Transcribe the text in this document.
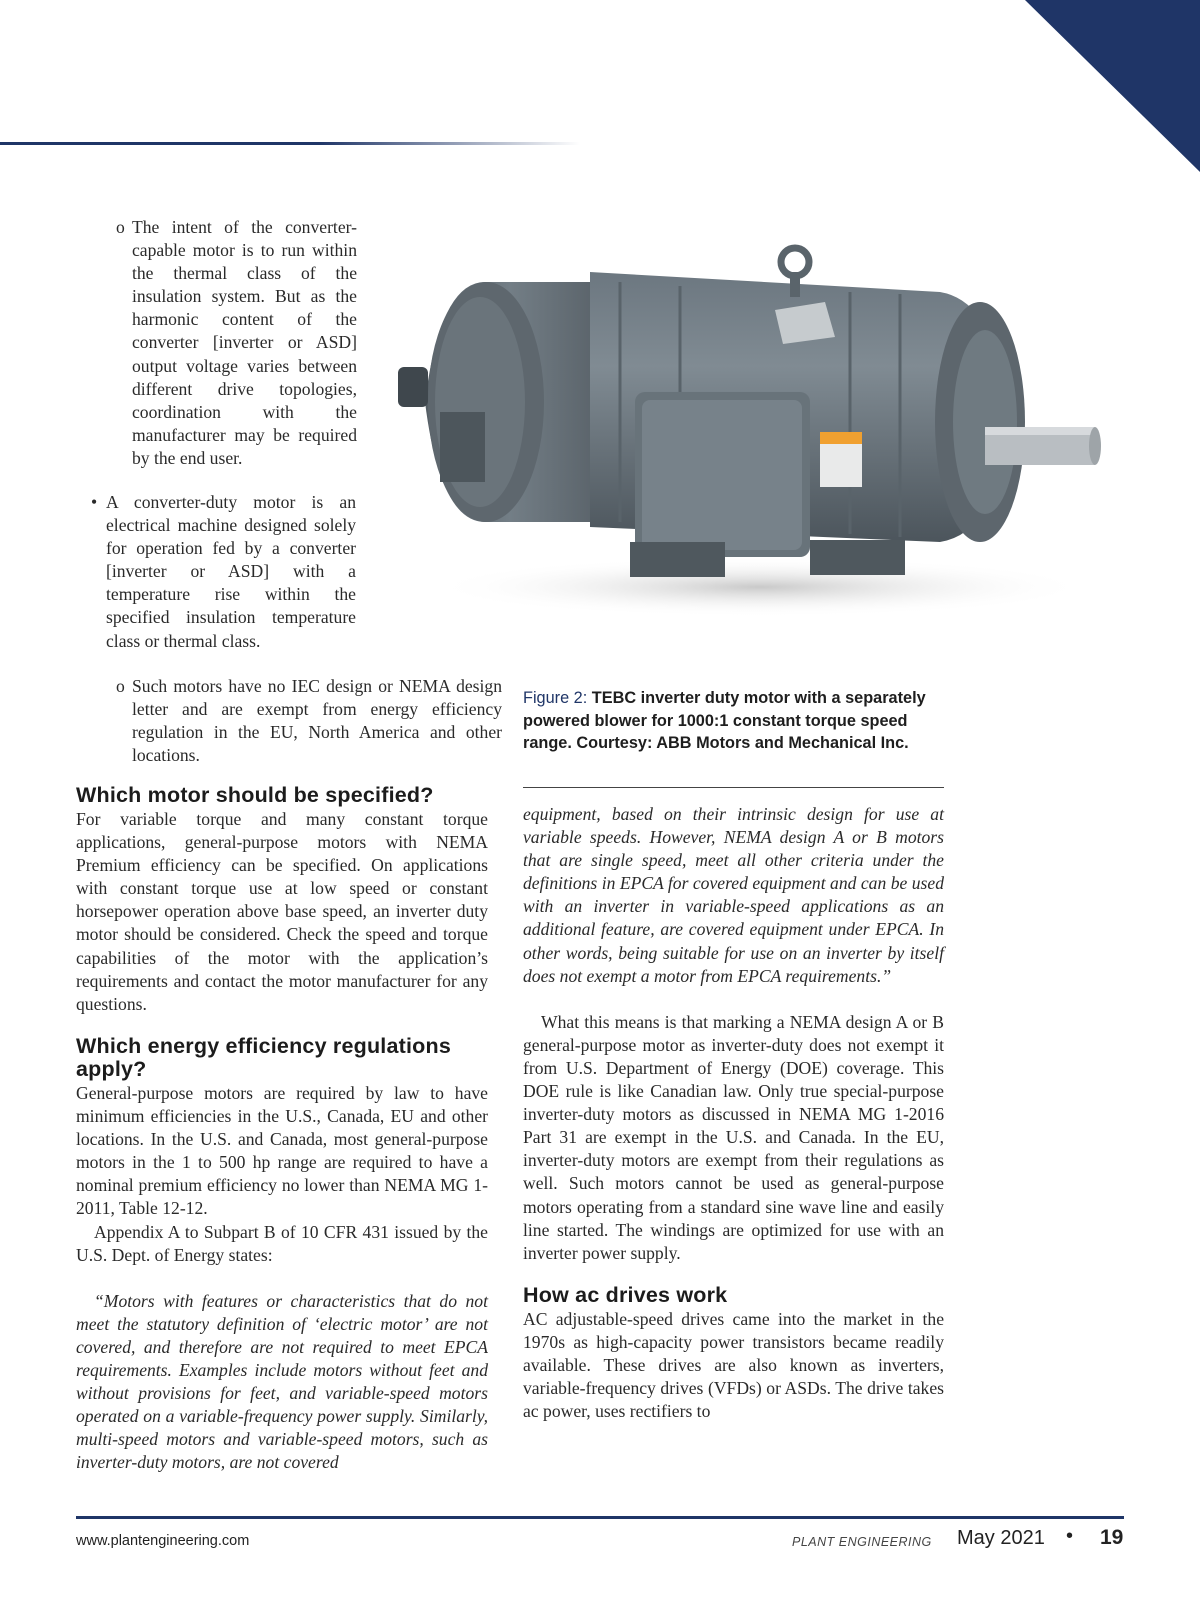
o The intent of the converter-capable motor is to run within the thermal class of the insulation system. But as the harmonic content of the converter [inverter or ASD] output voltage varies between different drive topologies, coordination with the manufacturer may be required by the end user.

• A converter-duty motor is an electrical machine designed solely for operation fed by a converter [inverter or ASD] with a temperature rise within the specified insulation temperature class or thermal class.

o Such motors have no IEC design or NEMA design letter and are exempt from energy efficiency regulation in the EU, North America and other locations.

Which motor should be specified?

For variable torque and many constant torque applications, general-purpose motors with NEMA Premium efficiency can be specified. On applications with constant torque use at low speed or constant horsepower operation above base speed, an inverter duty motor should be considered. Check the speed and torque capabilities of the motor with the application’s requirements and contact the motor manufacturer for any questions.

Which energy efficiency regulations apply?

General-purpose motors are required by law to have minimum efficiencies in the U.S., Canada, EU and other locations. In the U.S. and Canada, most general-purpose motors in the 1 to 500 hp range are required to have a nominal premium efficiency no lower than NEMA MG 1-2011, Table 12-12.

Appendix A to Subpart B of 10 CFR 431 issued by the U.S. Dept. of Energy states:

“Motors with features or characteristics that do not meet the statutory definition of ‘electric motor’ are not covered, and therefore are not required to meet EPCA requirements. Examples include motors without feet and without provisions for feet, and variable-speed motors operated on a variable-frequency power supply. Similarly, multi-speed motors and variable-speed motors, such as inverter-duty motors, are not covered

Figure 2: TEBC inverter duty motor with a separately powered blower for 1000:1 constant torque speed range. Courtesy: ABB Motors and Mechanical Inc.

equipment, based on their intrinsic design for use at variable speeds. However, NEMA design A or B motors that are single speed, meet all other criteria under the definitions in EPCA for covered equipment and can be used with an inverter in variable-speed applications as an additional feature, are covered equipment under EPCA. In other words, being suitable for use on an inverter by itself does not exempt a motor from EPCA requirements.”

What this means is that marking a NEMA design A or B general-purpose motor as inverter-duty does not exempt it from U.S. Department of Energy (DOE) coverage. This DOE rule is like Canadian law. Only true special-purpose inverter-duty motors as discussed in NEMA MG 1-2016 Part 31 are exempt in the U.S. and Canada. In the EU, inverter-duty motors are exempt from their regulations as well. Such motors cannot be used as general-purpose motors operating from a standard sine wave line and easily line started. The windings are optimized for use with an inverter power supply.

How ac drives work

AC adjustable-speed drives came into the market in the 1970s as high-capacity power transistors became readily available. These drives are also known as inverters, variable-frequency drives (VFDs) or ASDs. The drive takes ac power, uses rectifiers to

www.plantengineering.com	PLANT ENGINEERING May 2021 • 19
